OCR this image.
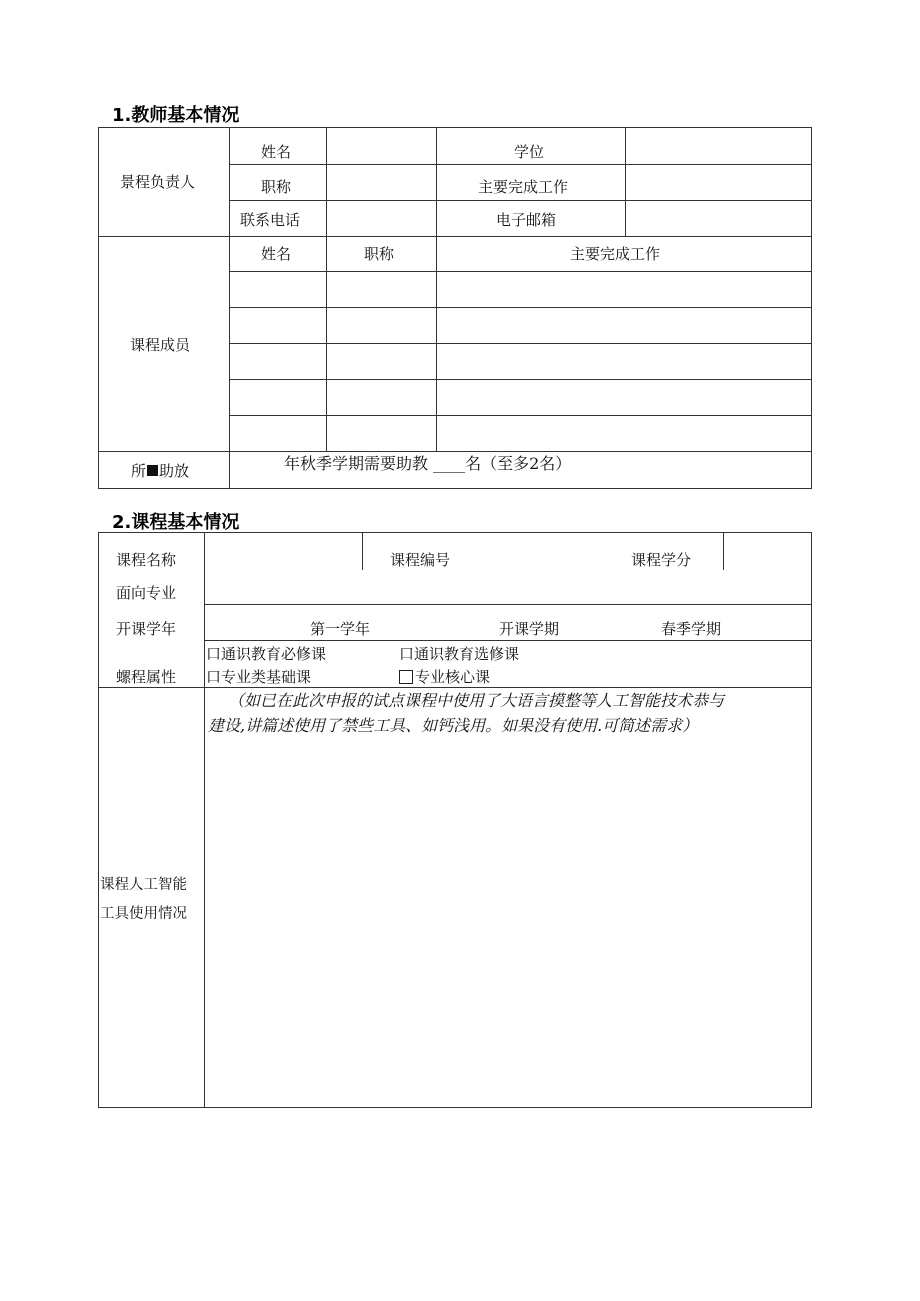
1.教师基本情况
景程负责人
姓名	学位
职称	主要完成工作
联系电话	电子邮箱
课程成员
姓名	职称	主要完成工作
所 助放	年秋季学期需要助教 ____名（至多2名）
2.课程基本情况
课程名称	课程编号	课程学分
面向专业
开课学年	第一学年	开课学期	春季学期
螺程属性
口通识教育必修课	口通识教育选修课
口专业类基础课	专业核心课
课程人工智能
工具使用情况
（如已在此次申报的试点课程中使用了大语言摸整等人工智能技术恭与
建设,讲篇述使用了禁些工具、如钙浅用。如果没有使用.可简述需求）
